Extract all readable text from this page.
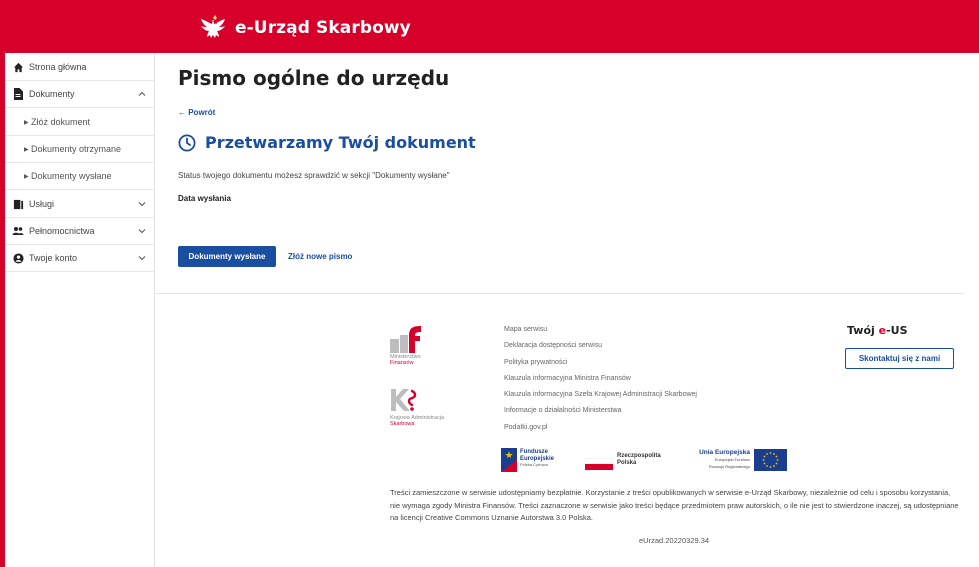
e-Urząd Skarbowy
Strona główna
Dokumenty
▶ Złóż dokument
▶ Dokumenty otrzymane
▶ Dokumenty wysłane
Usługi
Pełnomocnictwa
Twoje konto
Pismo ogólne do urzędu
← Powrót
Przetwarzamy Twój dokument
Status twojego dokumentu możesz sprawdzić w sekcji "Dokumenty wysłane"
Data wysłania
Dokumenty wysłane	Złóż nowe pismo
Ministerstwo
Finansów
Krajowa Administracja
Skarbowa
Mapa serwisu
Deklaracja dostępności serwisu
Polityka prywatności
Klauzula informacyjna Ministra Finansów
Klauzula informacyjna Szefa Krajowej Administracji Skarbowej
Informacje o działalności Ministerstwa
Podatki.gov.pl
Twój e-US
Skontaktuj się z nami
Fundusze
Europejskie
Polska Cyfrowa
Rzeczpospolita
Polska
Unia Europejska
Europejski Fundusz
Rozwoju Regionalnego
Treści zamieszczone w serwisie udostępniamy bezpłatnie. Korzystanie z treści opublikowanych w serwisie e-Urząd Skarbowy, niezależnie od celu i sposobu korzystania, nie wymaga zgody Ministra Finansów. Treści zaznaczone w serwisie jako treści będące przedmiotem praw autorskich, o ile nie jest to stwierdzone inaczej, są udostępniane na licencji Creative Commons Uznanie Autorstwa 3.0 Polska.
eUrzad.20220329.34
